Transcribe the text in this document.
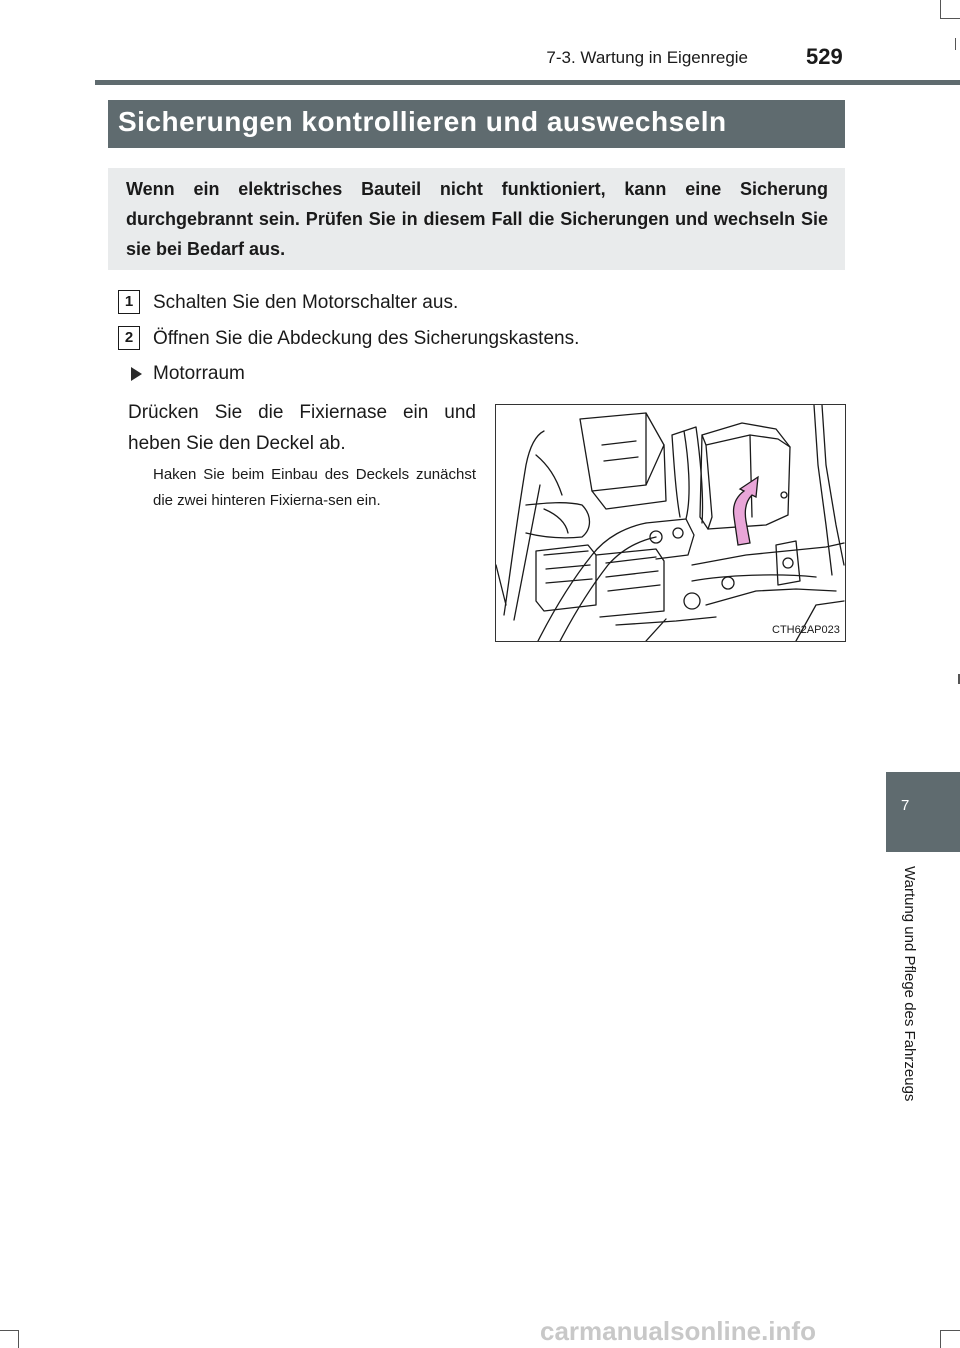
7-3. Wartung in Eigenregie	529
Sicherungen kontrollieren und auswechseln
Wenn ein elektrisches Bauteil nicht funktioniert, kann eine Sicherung durchgebrannt sein. Prüfen Sie in diesem Fall die Sicherungen und wechseln Sie sie bei Bedarf aus.
1	Schalten Sie den Motorschalter aus.
2	Öffnen Sie die Abdeckung des Sicherungskastens.
Motorraum
Drücken Sie die Fixiernase ein und heben Sie den Deckel ab.
Haken Sie beim Einbau des Deckels zunächst die zwei hinteren Fixierna-sen ein.
CTH62AP023
7
Wartung und Pflege des Fahrzeugs
carmanualsonline.info
